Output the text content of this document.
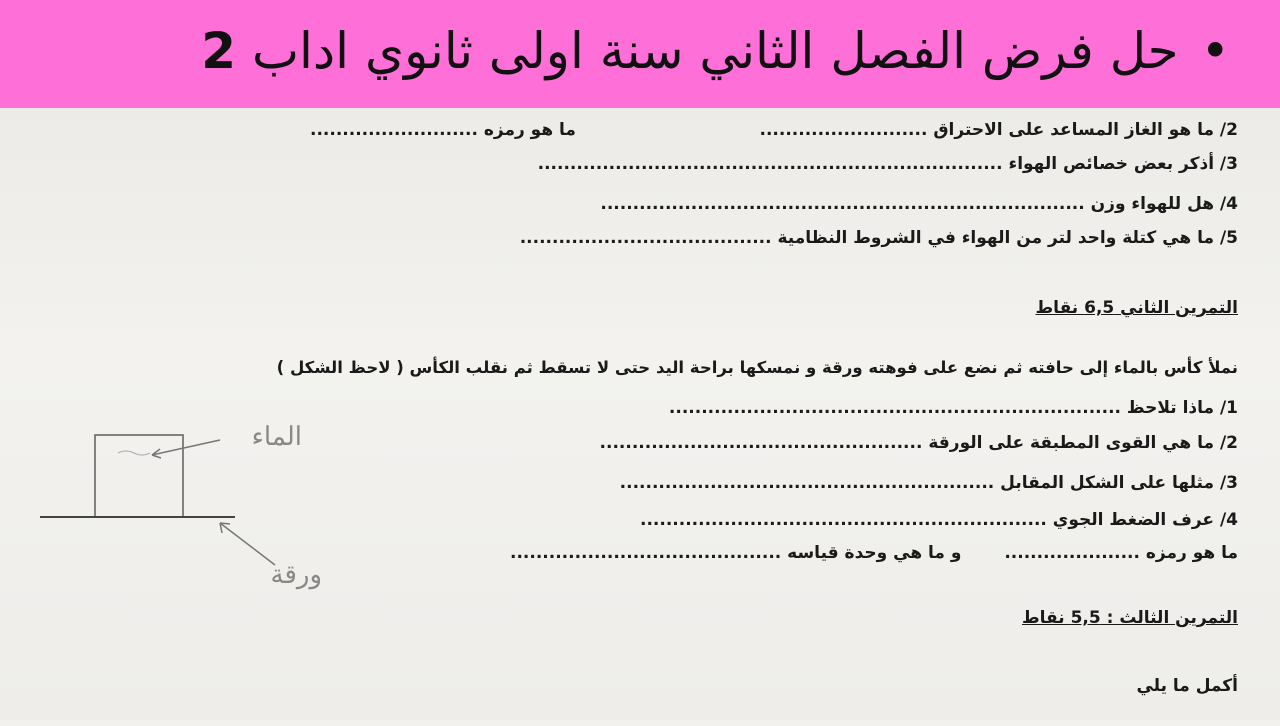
•حل فرض الفصل الثاني سنة اولى ثانوي اداب 2

2/ ما هو الغاز المساعد على الاحتراق ..........................
ما هو رمزه ..........................
3/ أذكر بعض خصائص الهواء ........................................................................
4/ هل للهواء وزن ...........................................................................
5/ ما هي كتلة واحد لتر من الهواء في الشروط النظامية .......................................
التمرين الثاني 6,5 نقاط
نملأ كأس بالماء إلى حافته ثم نضع على فوهته ورقة و نمسكها براحة اليد حتى لا تسقط ثم نقلب الكأس ( لاحظ الشكل )
1/ ماذا تلاحظ ......................................................................
2/ ما هي القوى المطبقة على الورقة ..................................................
3/ مثلها على الشكل المقابل ..........................................................
4/ عرف الضغط الجوي ...............................................................
ما هو رمزه .....................
و ما هي وحدة قياسه ..........................................
التمرين الثالث : 5,5 نقاط
أكمل ما يلي

الماء
ورقة
